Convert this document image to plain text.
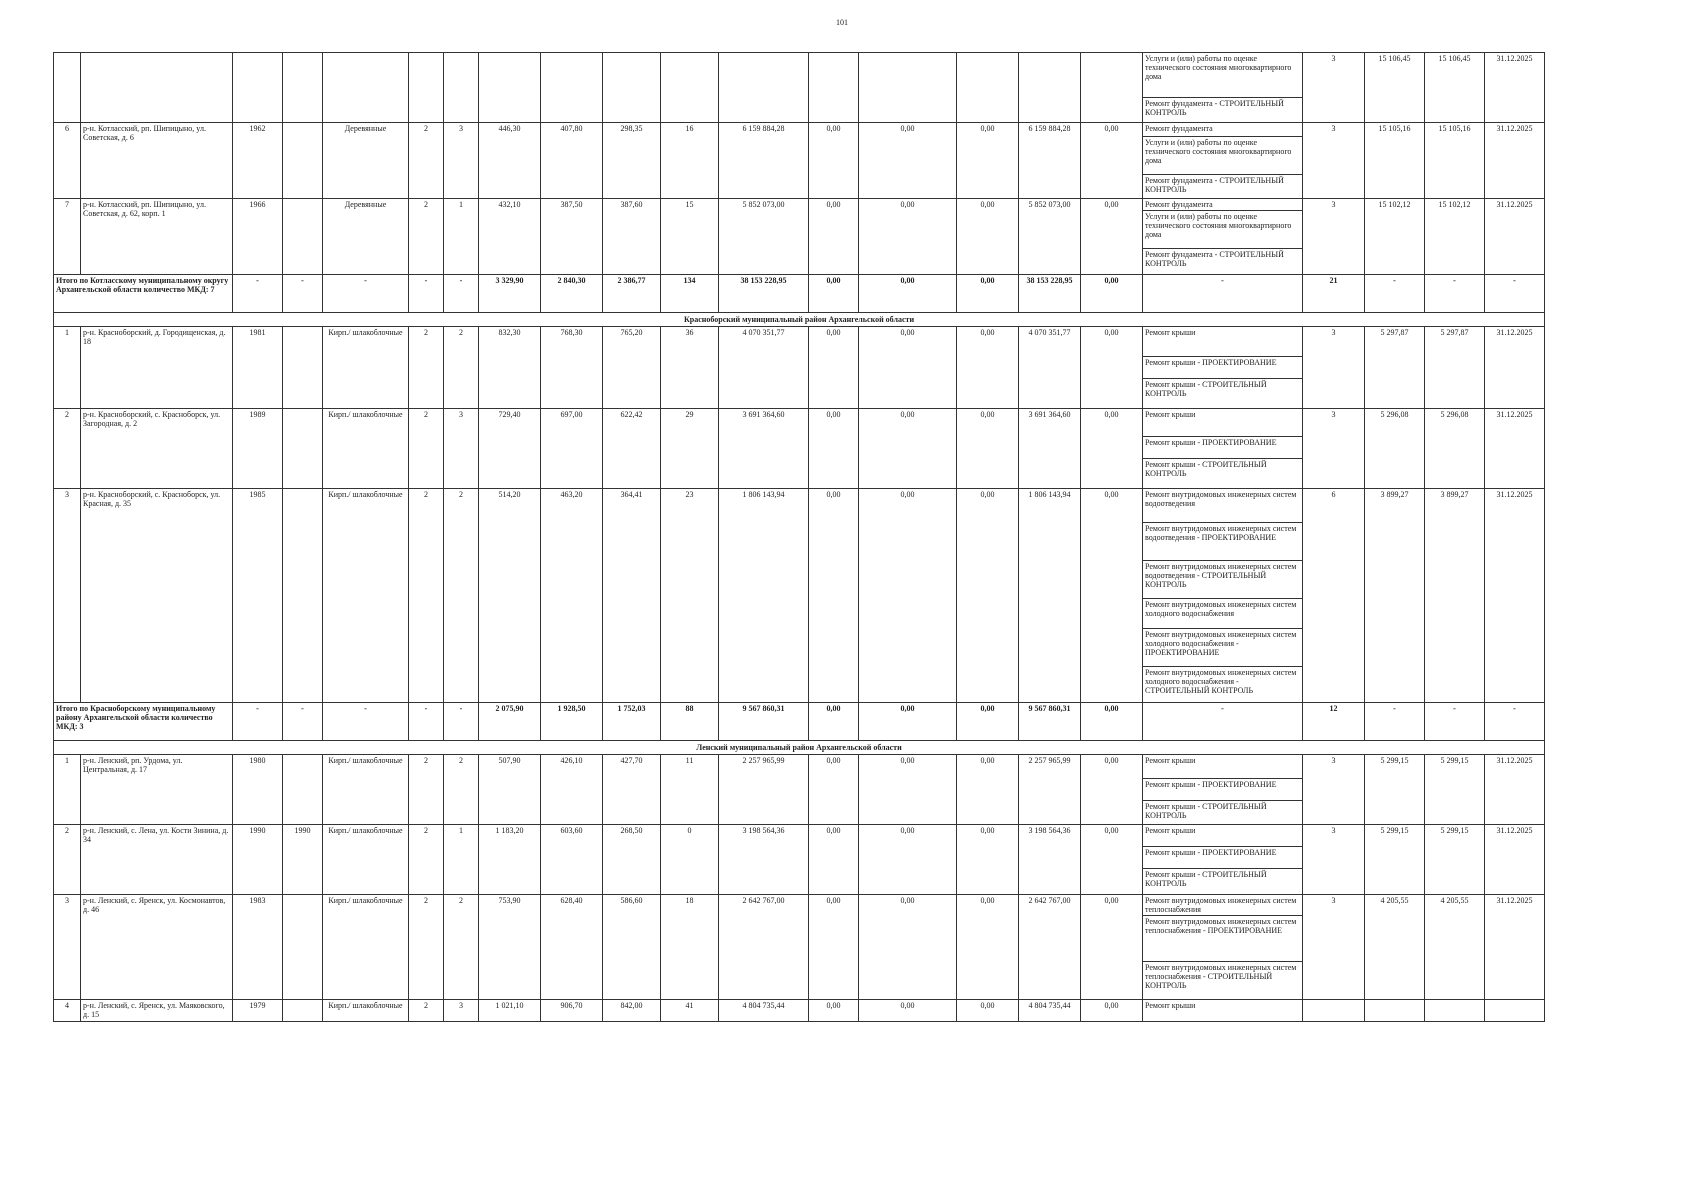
101
																	Услуги и (или) работы по оценке технического состояния многоквартирного дома	3	15 106,45	15 106,45	31.12.2025
																	Ремонт фундамента - СТРОИТЕЛЬНЫЙ КОНТРОЛЬ				
6	р-н. Котласский, рп. Шипицыно, ул. Советская, д. 6	1962		Деревянные	2	3	446,30	407,80	298,35	16	6 159 884,28	0,00	0,00	0,00	6 159 884,28	0,00	Ремонт фундамента	3	15 105,16	15 105,16	31.12.2025
																	Услуги и (или) работы по оценке технического состояния многоквартирного дома				
																	Ремонт фундамента - СТРОИТЕЛЬНЫЙ КОНТРОЛЬ				
7	р-н. Котласский, рп. Шипицыно, ул. Советская, д. 62, корп. 1	1966		Деревянные	2	1	432,10	387,50	387,60	15	5 852 073,00	0,00	0,00	0,00	5 852 073,00	0,00	Ремонт фундамента	3	15 102,12	15 102,12	31.12.2025
																	Услуги и (или) работы по оценке технического состояния многоквартирного дома				
																	Ремонт фундамента - СТРОИТЕЛЬНЫЙ КОНТРОЛЬ				
Итого по Котласскому муниципальному округу Архангельской области количество МКД: 7		-	-	-	-	-	3 329,90	2 840,30	2 386,77	134	38 153 228,95	0,00	0,00	0,00	38 153 228,95	0,00	-	21	-	-	-
Красноборский муниципальный район Архангельской области																					
1	р-н. Красноборский, д. Городищенская, д. 18	1981		Кирп./ шлакоблочные	2	2	832,30	768,30	765,20	36	4 070 351,77	0,00	0,00	0,00	4 070 351,77	0,00	Ремонт крыши	3	5 297,87	5 297,87	31.12.2025
																	Ремонт крыши - ПРОЕКТИРОВАНИЕ				
																	Ремонт крыши - СТРОИТЕЛЬНЫЙ КОНТРОЛЬ				
2	р-н. Красноборский, с. Красноборск, ул. Загородная, д. 2	1989		Кирп./ шлакоблочные	2	3	729,40	697,00	622,42	29	3 691 364,60	0,00	0,00	0,00	3 691 364,60	0,00	Ремонт крыши	3	5 296,08	5 296,08	31.12.2025
																	Ремонт крыши - ПРОЕКТИРОВАНИЕ				
																	Ремонт крыши - СТРОИТЕЛЬНЫЙ КОНТРОЛЬ				
3	р-н. Красноборский, с. Красноборск, ул. Красная, д. 35	1985		Кирп./ шлакоблочные	2	2	514,20	463,20	364,41	23	1 806 143,94	0,00	0,00	0,00	1 806 143,94	0,00	Ремонт внутридомовых инженерных систем водоотведения	6	3 899,27	3 899,27	31.12.2025
																	Ремонт внутридомовых инженерных систем водоотведения - ПРОЕКТИРОВАНИЕ				
																	Ремонт внутридомовых инженерных систем водоотведения - СТРОИТЕЛЬНЫЙ КОНТРОЛЬ				
																	Ремонт внутридомовых инженерных систем холодного водоснабжения				
																	Ремонт внутридомовых инженерных систем холодного водоснабжения - ПРОЕКТИРОВАНИЕ				
																	Ремонт внутридомовых инженерных систем холодного водоснабжения - СТРОИТЕЛЬНЫЙ КОНТРОЛЬ				
Итого по Красноборскому муниципальному району Архангельской области количество МКД: 3		-	-	-	-	-	2 075,90	1 928,50	1 752,03	88	9 567 860,31	0,00	0,00	0,00	9 567 860,31	0,00	-	12	-	-	-
Ленский муниципальный район Архангельской области																					
1	р-н. Ленский, рп. Урдома, ул. Центральная, д. 17	1980		Кирп./ шлакоблочные	2	2	507,90	426,10	427,70	11	2 257 965,99	0,00	0,00	0,00	2 257 965,99	0,00	Ремонт крыши	3	5 299,15	5 299,15	31.12.2025
																	Ремонт крыши - ПРОЕКТИРОВАНИЕ				
																	Ремонт крыши - СТРОИТЕЛЬНЫЙ КОНТРОЛЬ				
2	р-н. Ленский, с. Лена, ул. Кости Зинина, д. 34	1990	1990	Кирп./ шлакоблочные	2	1	1 183,20	603,60	268,50	0	3 198 564,36	0,00	0,00	0,00	3 198 564,36	0,00	Ремонт крыши	3	5 299,15	5 299,15	31.12.2025
																	Ремонт крыши - ПРОЕКТИРОВАНИЕ				
																	Ремонт крыши - СТРОИТЕЛЬНЫЙ КОНТРОЛЬ				
3	р-н. Ленский, с. Яренск, ул. Космонавтов, д. 46	1983		Кирп./ шлакоблочные	2	2	753,90	628,40	586,60	18	2 642 767,00	0,00	0,00	0,00	2 642 767,00	0,00	Ремонт внутридомовых инженерных систем теплоснабжения	3	4 205,55	4 205,55	31.12.2025
																	Ремонт внутридомовых инженерных систем теплоснабжения - ПРОЕКТИРОВАНИЕ				
																	Ремонт внутридомовых инженерных систем теплоснабжения - СТРОИТЕЛЬНЫЙ КОНТРОЛЬ				
4	р-н. Ленский, с. Яренск, ул. Маяковского, д. 15	1979		Кирп./ шлакоблочные	2	3	1 021,10	906,70	842,00	41	4 804 735,44	0,00	0,00	0,00	4 804 735,44	0,00	Ремонт крыши				
